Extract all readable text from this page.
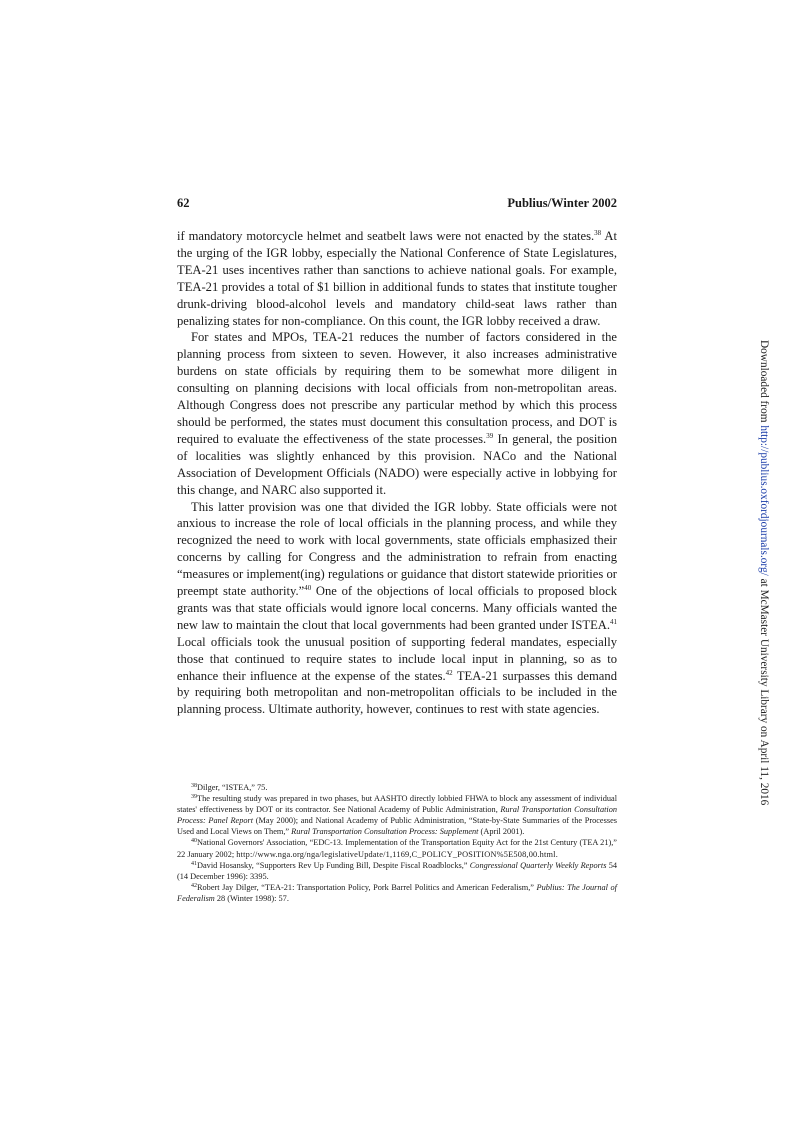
62	Publius/Winter 2002

if mandatory motorcycle helmet and seatbelt laws were not enacted by the states.$^{38}$ At the urging of the IGR lobby, especially the National Conference of State Legislatures, TEA-21 uses incentives rather than sanctions to achieve national goals. For example, TEA-21 provides a total of $1 billion in additional funds to states that institute tougher drunk-driving blood-alcohol levels and mandatory child-seat laws rather than penalizing states for non-compliance. On this count, the IGR lobby received a draw.

For states and MPOs, TEA-21 reduces the number of factors considered in the planning process from sixteen to seven. However, it also increases administrative burdens on state officials by requiring them to be somewhat more diligent in consulting on planning decisions with local officials from non-metropolitan areas. Although Congress does not prescribe any particular method by which this process should be performed, the states must document this consultation process, and DOT is required to evaluate the effectiveness of the state processes.$^{39}$ In general, the position of localities was slightly enhanced by this provision. NACo and the National Association of Development Officials (NADO) were especially active in lobbying for this change, and NARC also supported it.

This latter provision was one that divided the IGR lobby. State officials were not anxious to increase the role of local officials in the planning process, and while they recognized the need to work with local governments, state officials emphasized their concerns by calling for Congress and the administration to refrain from enacting “measures or implement(ing) regulations or guidance that distort statewide priorities or preempt state authority.”$^{40}$ One of the objections of local officials to proposed block grants was that state officials would ignore local concerns. Many officials wanted the new law to maintain the clout that local governments had been granted under ISTEA.$^{41}$ Local officials took the unusual position of supporting federal mandates, especially those that continued to require states to include local input in planning, so as to enhance their influence at the expense of the states.$^{42}$ TEA-21 surpasses this demand by requiring both metropolitan and non-metropolitan officials to be included in the planning process. Ultimate authority, however, continues to rest with state agencies.

$^{38}$Dilger, “ISTEA,” 75.

$^{39}$The resulting study was prepared in two phases, but AASHTO directly lobbied FHWA to block any assessment of individual states' effectiveness by DOT or its contractor. See National Academy of Public Administration, Rural Transportation Consultation Process: Panel Report (May 2000); and National Academy of Public Administration, “State-by-State Summaries of the Processes Used and Local Views on Them,” Rural Transportation Consultation Process: Supplement (April 2001).

$^{40}$National Governors' Association, “EDC-13. Implementation of the Transportation Equity Act for the 21st Century (TEA 21),” 22 January 2002; http://www.nga.org/nga/legislativeUpdate/1,1169,C_POLICY_POSITION%5E508,00.html.

$^{41}$David Hosansky, “Supporters Rev Up Funding Bill, Despite Fiscal Roadblocks,” Congressional Quarterly Weekly Reports 54 (14 December 1996): 3395.

$^{42}$Robert Jay Dilger, “TEA-21: Transportation Policy, Pork Barrel Politics and American Federalism,” Publius: The Journal of Federalism 28 (Winter 1998): 57.

Downloaded from http://publius.oxfordjournals.org/ at McMaster University Library on April 11, 2016
